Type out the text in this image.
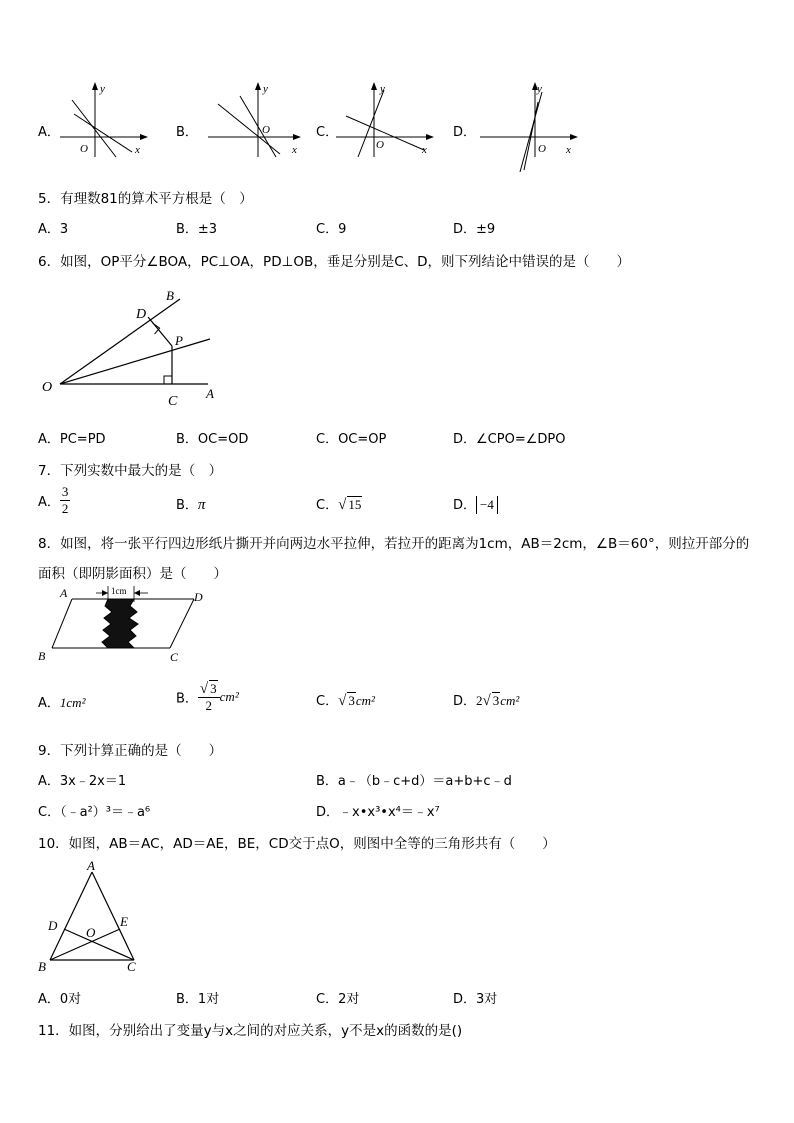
A．
y
O	x
B．
y
O
x
C．
y
O	x
D．
y
O x
5．有理数81的算术平方根是（　）
A．3	B．±3	C．9	D．±9
6．如图，OP平分∠BOA，PC⊥OA，PD⊥OB，垂足分别是C、D，则下列结论中错误的是（　　）
O	A
B
C
D
P
A．PC=PD	B．OC=OD	C．OC=OP	D．∠CPO=∠DPO
7．下列实数中最大的是（　）
A． $\frac{3}{2}$	B．π	C．√ 15	D． −4
8．如图，将一张平行四边形纸片撕开并向两边水平拉伸，若拉开的距离为1cm，AB＝2cm，∠B＝60°，则拉开部分的
面积（即阴影面积）是（　　）
1cm
A	D
B	C
A．1cm²	B． $\frac{√ 3}{2} cm^2$	C．√ 3cm²	D．2√ 3cm²
9．下列计算正确的是（　　）
A．3x﹣2x＝1	B．a﹣（b﹣c+d）＝a+b+c﹣d
C．（﹣a²）³＝﹣a⁶	D．﹣x•x³•x⁴＝﹣x⁷
10．如图，AB＝AC，AD＝AE，BE，CD交于点O，则图中全等的三角形共有（　　）
A
D	E
O
B	C
A．0对	B．1对	C．2对	D．3对
11．如图，分别给出了变量y与x之间的对应关系，y不是x的函数的是()
